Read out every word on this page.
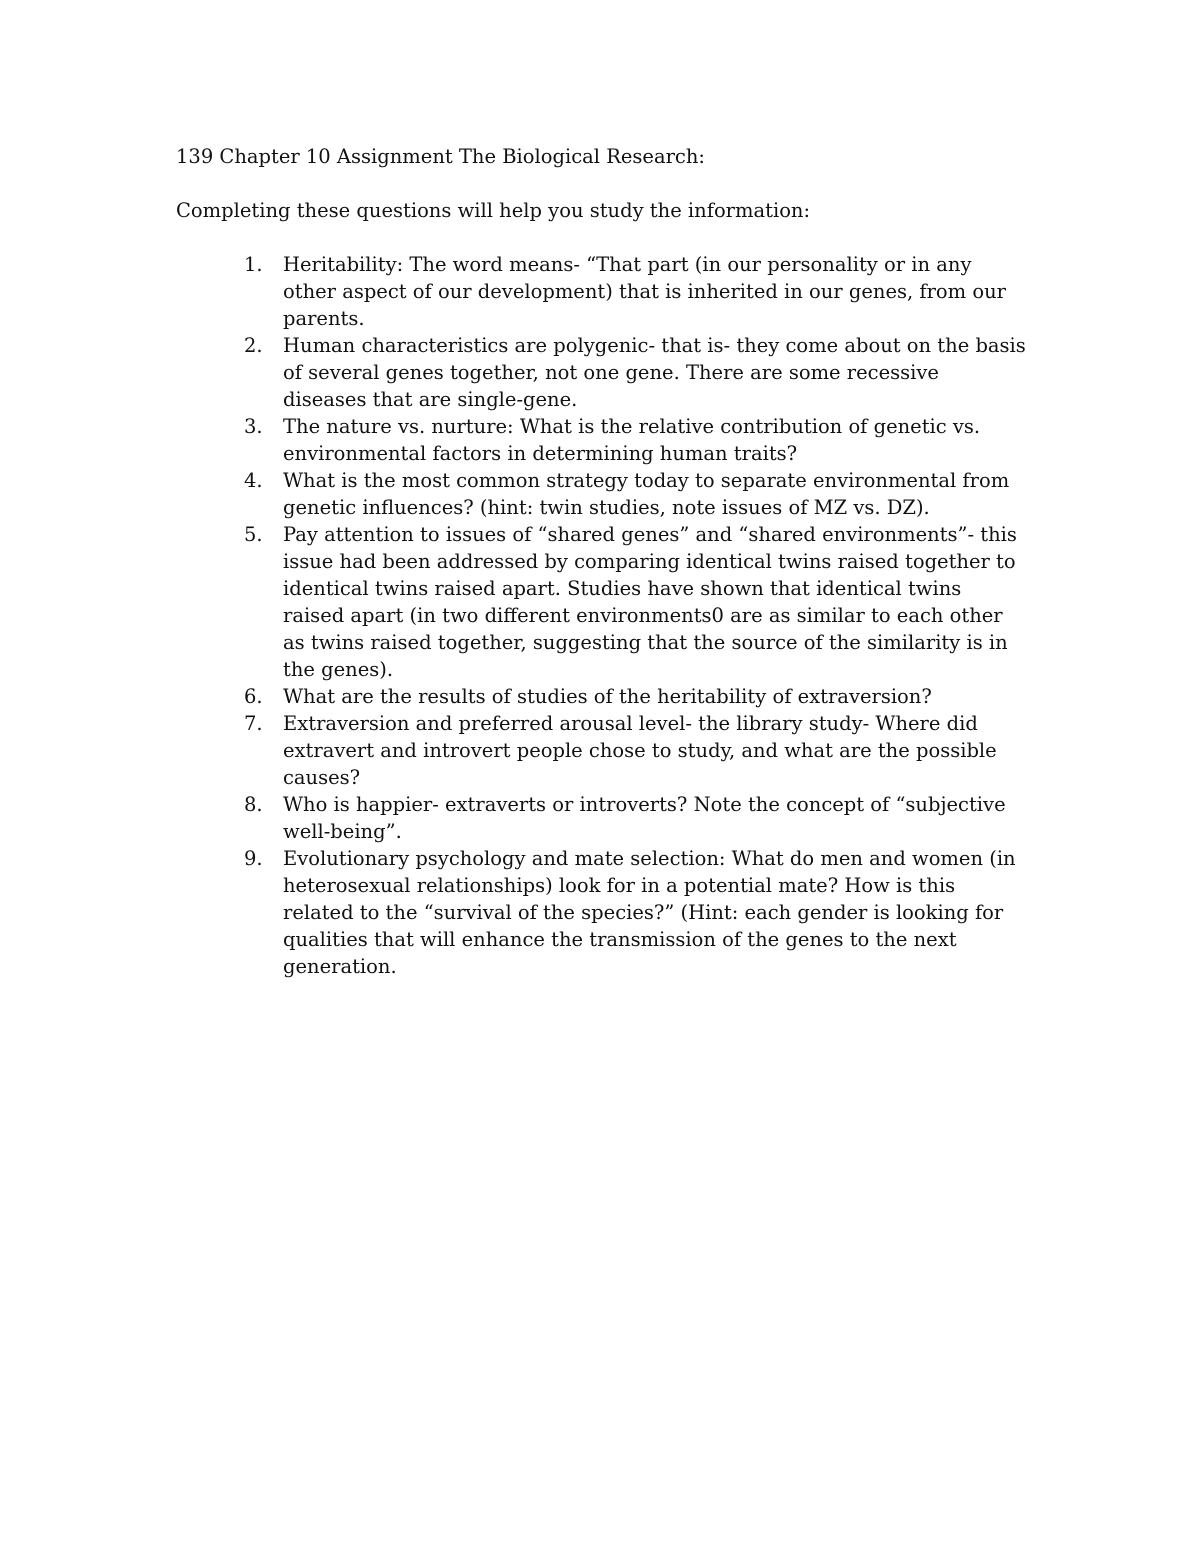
139 Chapter 10 Assignment The Biological Research:

Completing these questions will help you study the information:

1.	Heritability: The word means- “That part (in our personality or in any other aspect of our development) that is inherited in our genes, from our parents.
2.	Human characteristics are polygenic- that is- they come about on the basis of several genes together, not one gene. There are some recessive diseases that are single-gene.
3.	The nature vs. nurture: What is the relative contribution of genetic vs. environmental factors in determining human traits?
4.	What is the most common strategy today to separate environmental from genetic influences? (hint: twin studies, note issues of MZ vs. DZ).
5.	Pay attention to issues of “shared genes” and “shared environments”- this issue had been addressed by comparing identical twins raised together to identical twins raised apart. Studies have shown that identical twins raised apart (in two different environments0 are as similar to each other as twins raised together, suggesting that the source of the similarity is in the genes).
6.	What are the results of studies of the heritability of extraversion?
7.	Extraversion and preferred arousal level- the library study- Where did extravert and introvert people chose to study, and what are the possible causes?
8.	Who is happier- extraverts or introverts? Note the concept of “subjective well-being”.
9.	Evolutionary psychology and mate selection: What do men and women (in heterosexual relationships) look for in a potential mate? How is this related to the “survival of the species?” (Hint: each gender is looking for qualities that will enhance the transmission of the genes to the next generation.
